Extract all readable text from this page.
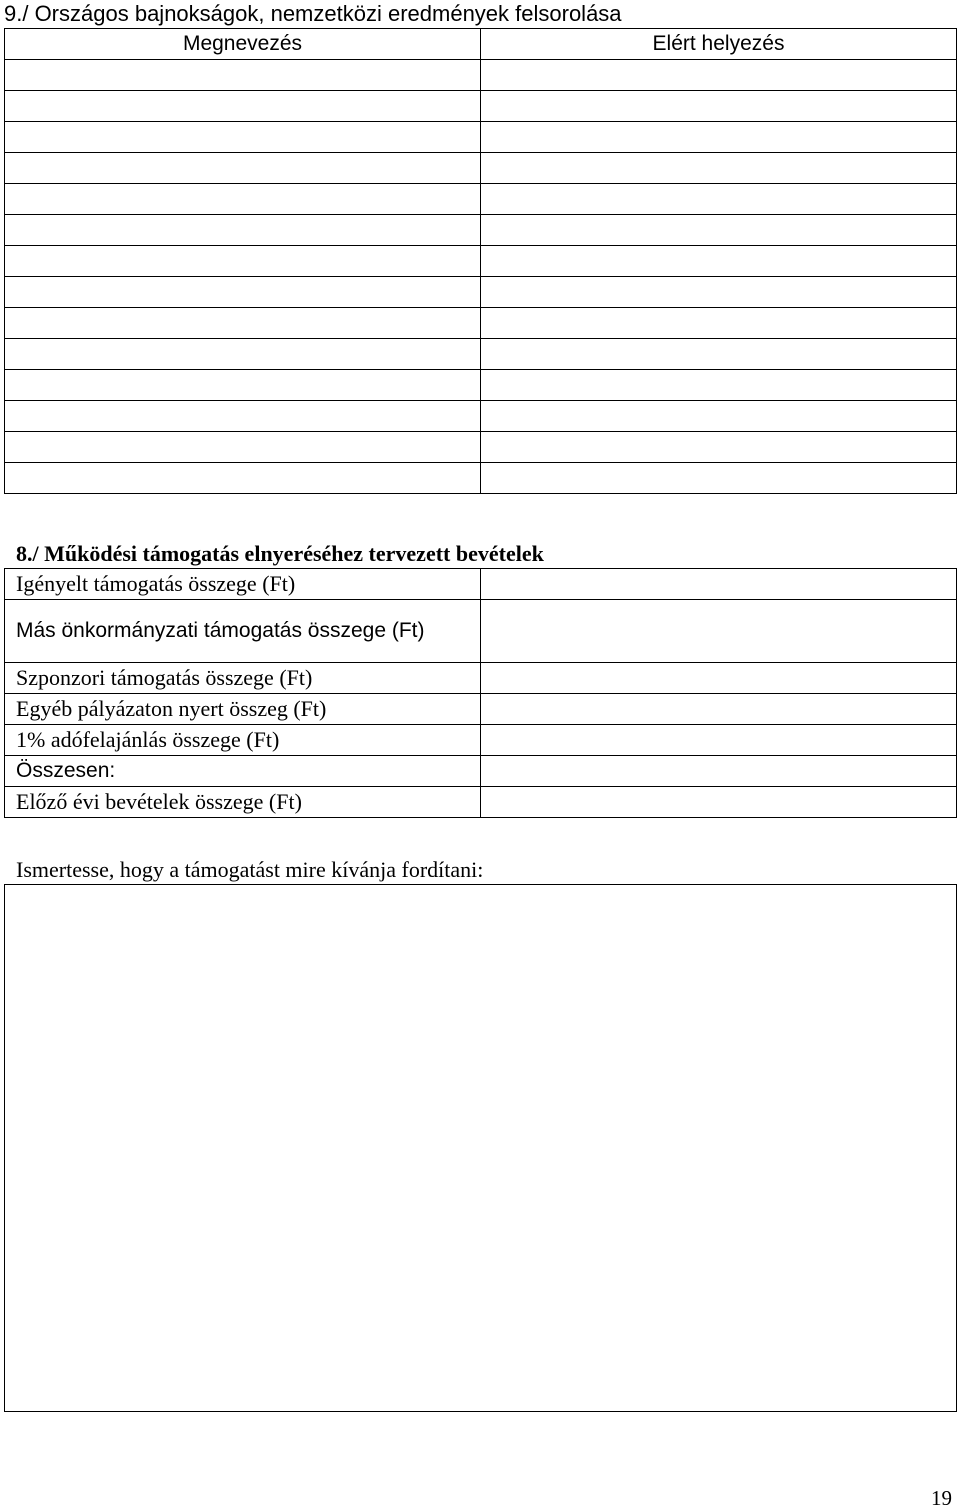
9./ Országos bajnokságok, nemzetközi eredmények felsorolása
Megnevezés	Elért helyezés

8./ Működési támogatás elnyeréséhez tervezett bevételek
Igényelt támogatás összege (Ft)	
Más önkormányzati támogatás összege (Ft)	
Szponzori támogatás összege (Ft)	
Egyéb pályázaton nyert összeg (Ft)	
1% adófelajánlás összege (Ft)	
Összesen:	
Előző évi bevételek összege (Ft)	
Ismertesse, hogy a támogatást mire kívánja fordítani:
19
